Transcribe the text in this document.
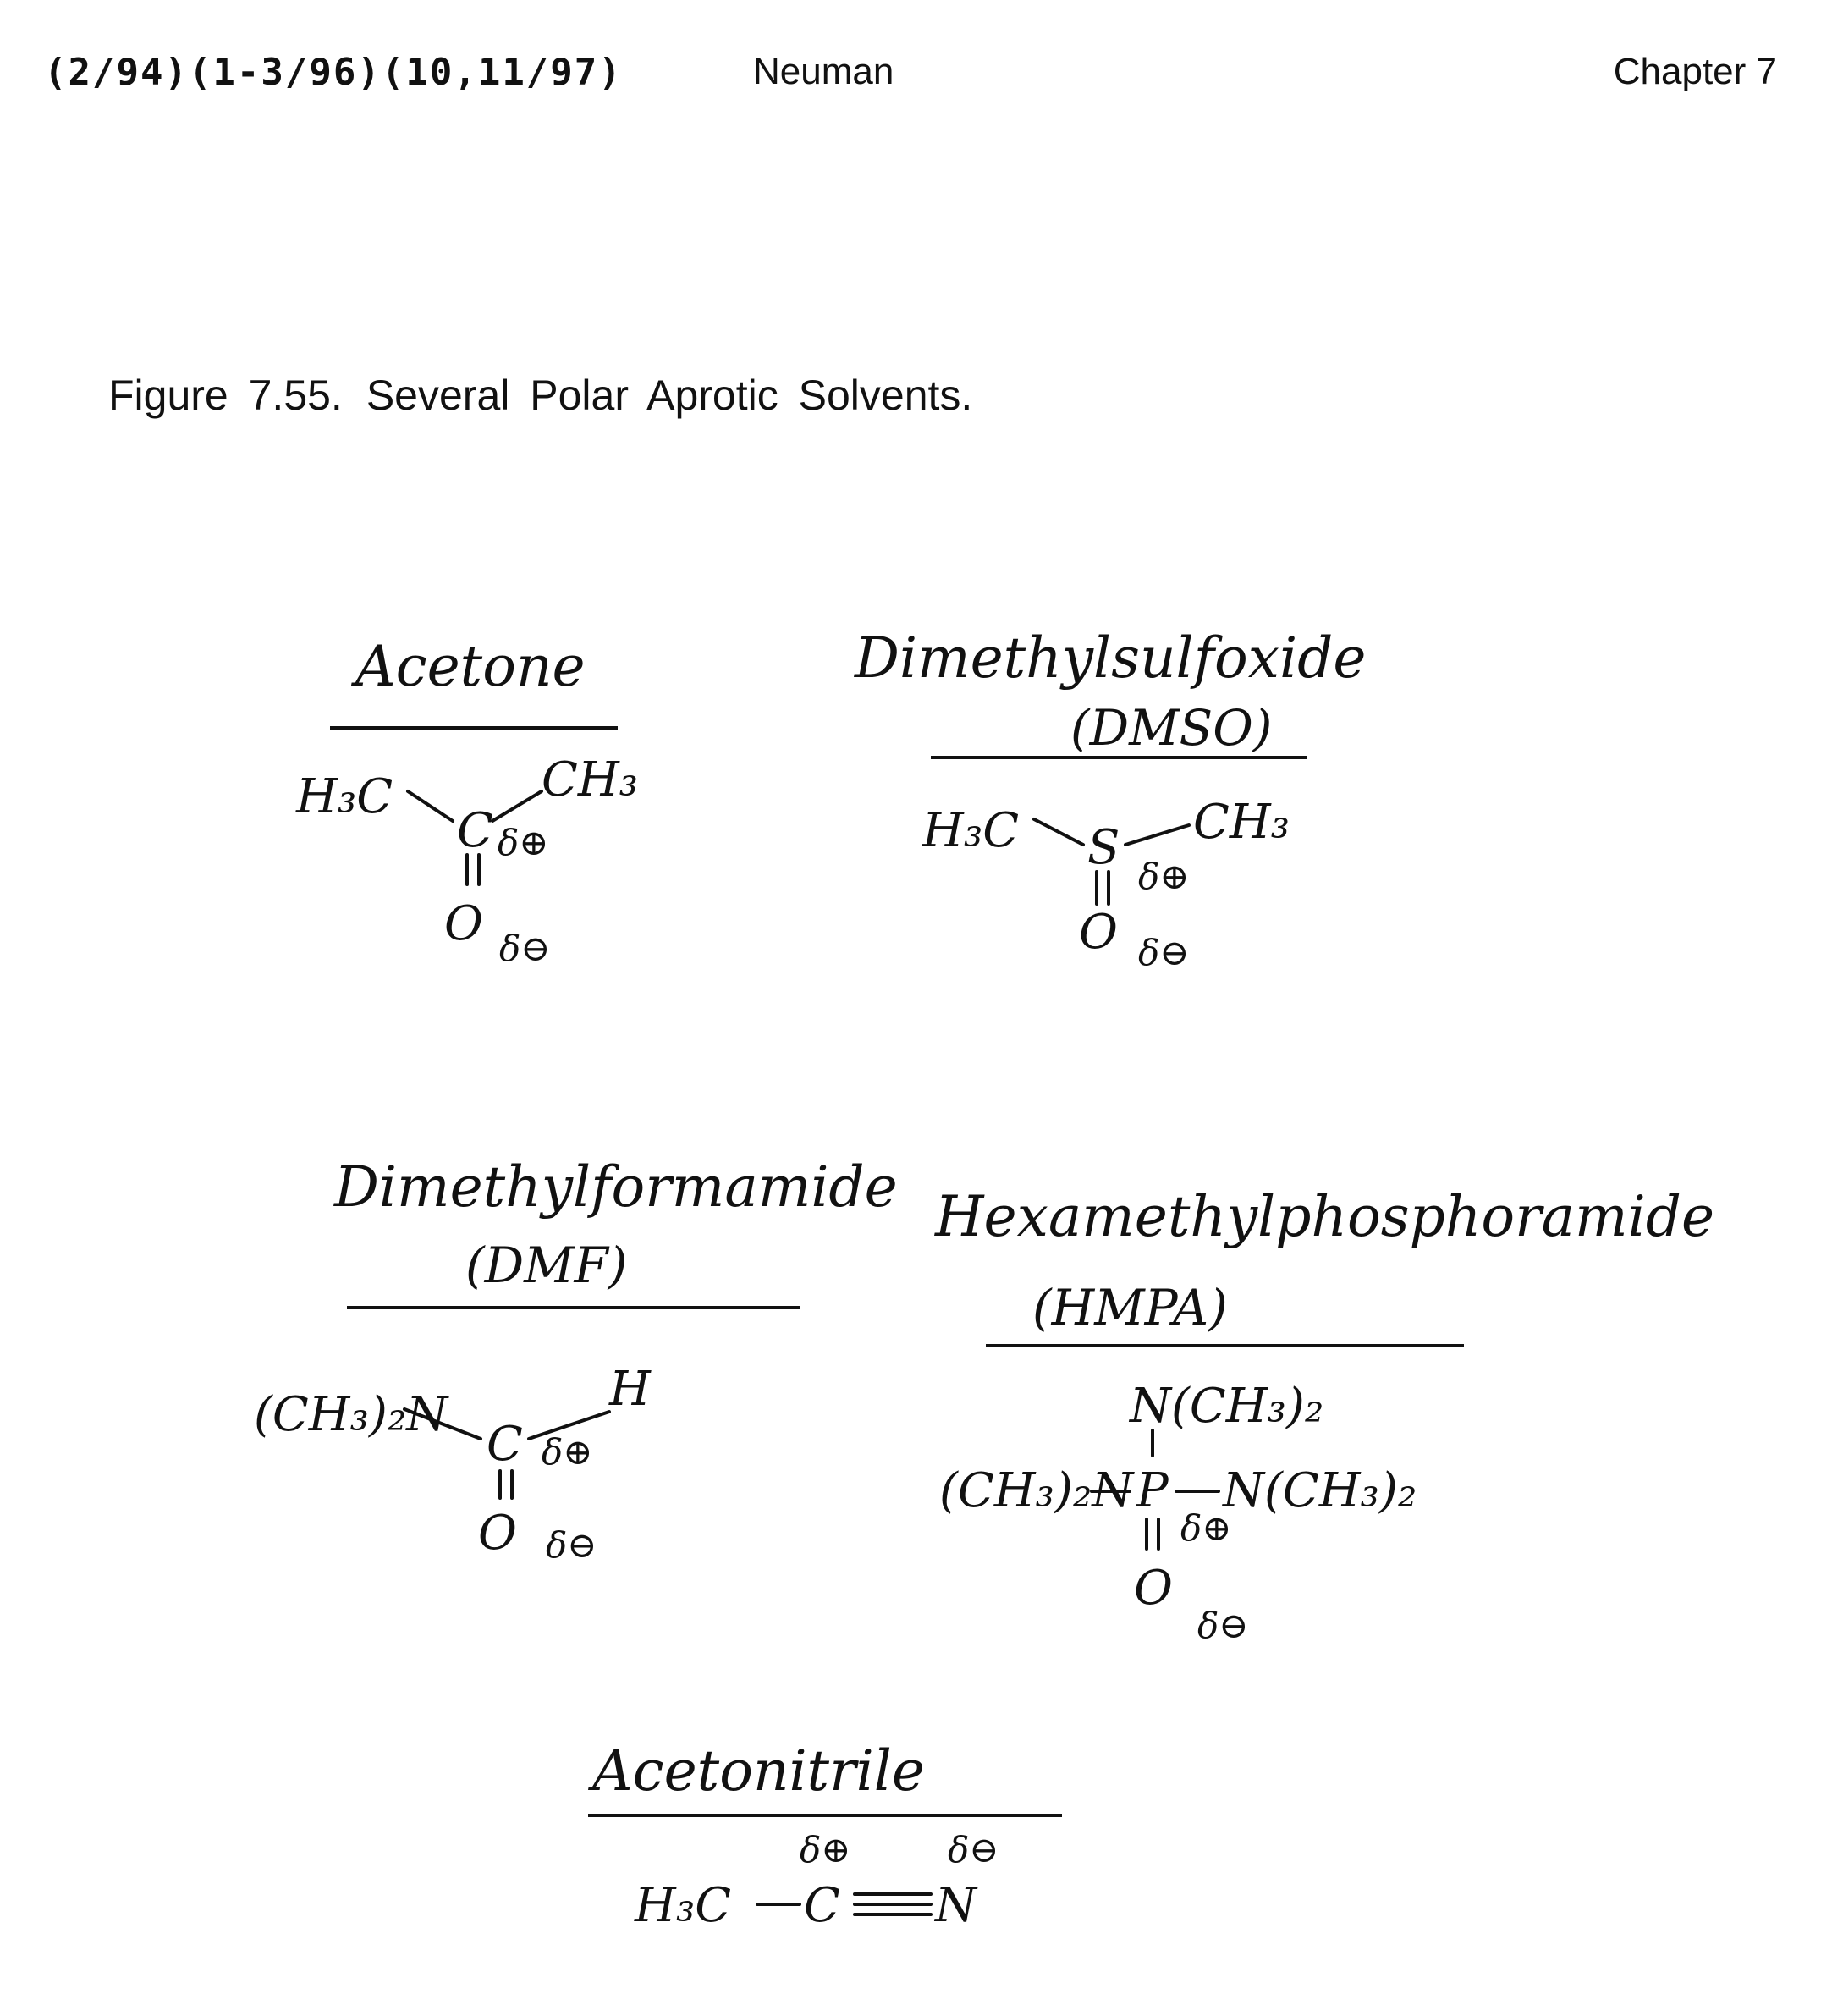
(2/94)(1-3/96)(10,11/97)	Neuman	Chapter 7
Figure 7.55. Several Polar Aprotic Solvents.
Acetone
H₃C	CH₃
C δ⊕
O δ⊖
Dimethylsulfoxide
(DMSO)
H₃C	CH₃
S
δ⊕
O δ⊖
Dimethylformamide
(DMF)
(CH₃)₂N	H
C δ⊕
O δ⊖
Hexamethylphosphoramide
(HMPA)
N(CH₃)₂
(CH₃)₂N P N(CH₃)₂
δ⊕
O
δ⊖
Acetonitrile
δ⊕	δ⊖
H₃C C N
